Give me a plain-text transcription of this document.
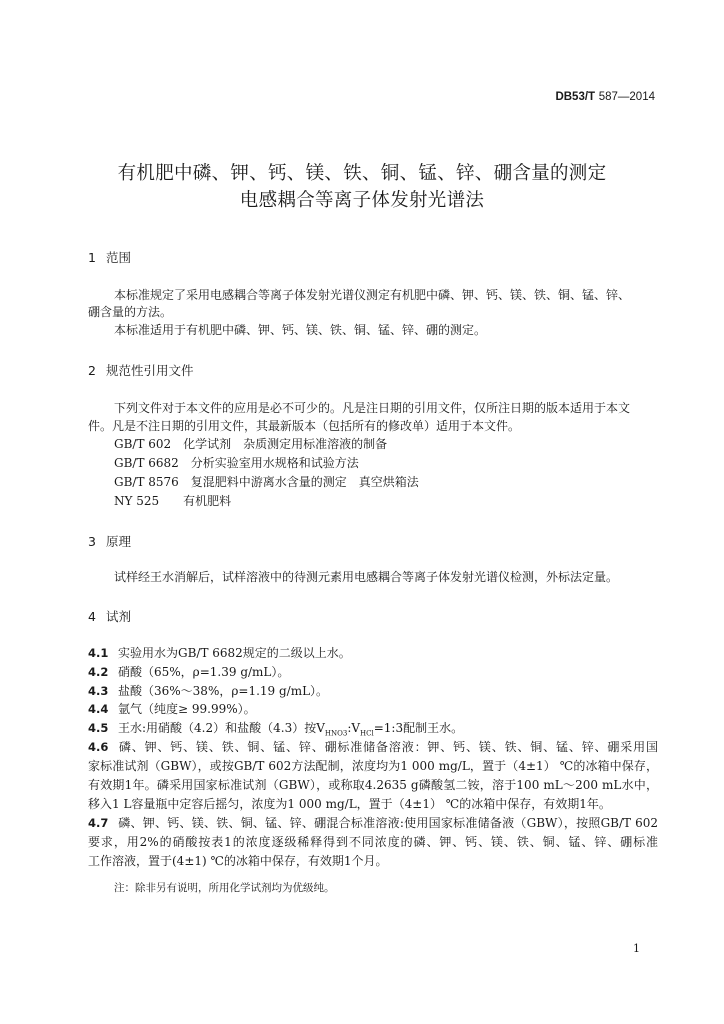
DB53/T 587—2014
有机肥中磷、钾、钙、镁、铁、铜、锰、锌、硼含量的测定
电感耦合等离子体发射光谱法
1 范围
本标准规定了采用电感耦合等离子体发射光谱仪测定有机肥中磷、钾、钙、镁、铁、铜、锰、锌、
硼含量的方法。
本标准适用于有机肥中磷、钾、钙、镁、铁、铜、锰、锌、硼的测定。
2 规范性引用文件
下列文件对于本文件的应用是必不可少的。凡是注日期的引用文件，仅所注日期的版本适用于本文
件。凡是不注日期的引用文件，其最新版本（包括所有的修改单）适用于本文件。
GB/T 602　化学试剂　杂质测定用标准溶液的制备
GB/T 6682　分析实验室用水规格和试验方法
GB/T 8576　复混肥料中游离水含量的测定　真空烘箱法
NY 525　　有机肥料
3 原理
试样经王水消解后，试样溶液中的待测元素用电感耦合等离子体发射光谱仪检测，外标法定量。
4 试剂
4.1 实验用水为GB/T 6682规定的二级以上水。
4.2 硝酸（65%，ρ=1.39 g/mL）。
4.3 盐酸（36%～38%，ρ=1.19 g/mL）。
4.4 氩气（纯度≥ 99.99%）。
4.5 王水:用硝酸（4.2）和盐酸（4.3）按$V_{HNO3}:V_{HCl}=1:3$配制王水。
4.6 磷、钾、钙、镁、铁、铜、锰、锌、硼标准储备溶液：钾、钙、镁、铁、铜、锰、锌、硼采用国
家标准试剂（GBW），或按GB/T 602方法配制，浓度均为1 000 mg/L，置于（4±1） ℃的冰箱中保存，
有效期1年。磷采用国家标准试剂（GBW），或称取4.2635 g磷酸氢二铵，溶于100 mL～200 mL水中，
移入1 L容量瓶中定容后摇匀，浓度为1 000 mg/L，置于（4±1） ℃的冰箱中保存，有效期1年。
4.7 磷、钾、钙、镁、铁、铜、锰、锌、硼混合标准溶液:使用国家标准储备液（GBW），按照GB/T 602
要求，用2%的硝酸按表1的浓度逐级稀释得到不同浓度的磷、钾、钙、镁、铁、铜、锰、锌、硼标准
工作溶液，置于(4±1) ℃的冰箱中保存，有效期1个月。
注：除非另有说明，所用化学试剂均为优级纯。
1
